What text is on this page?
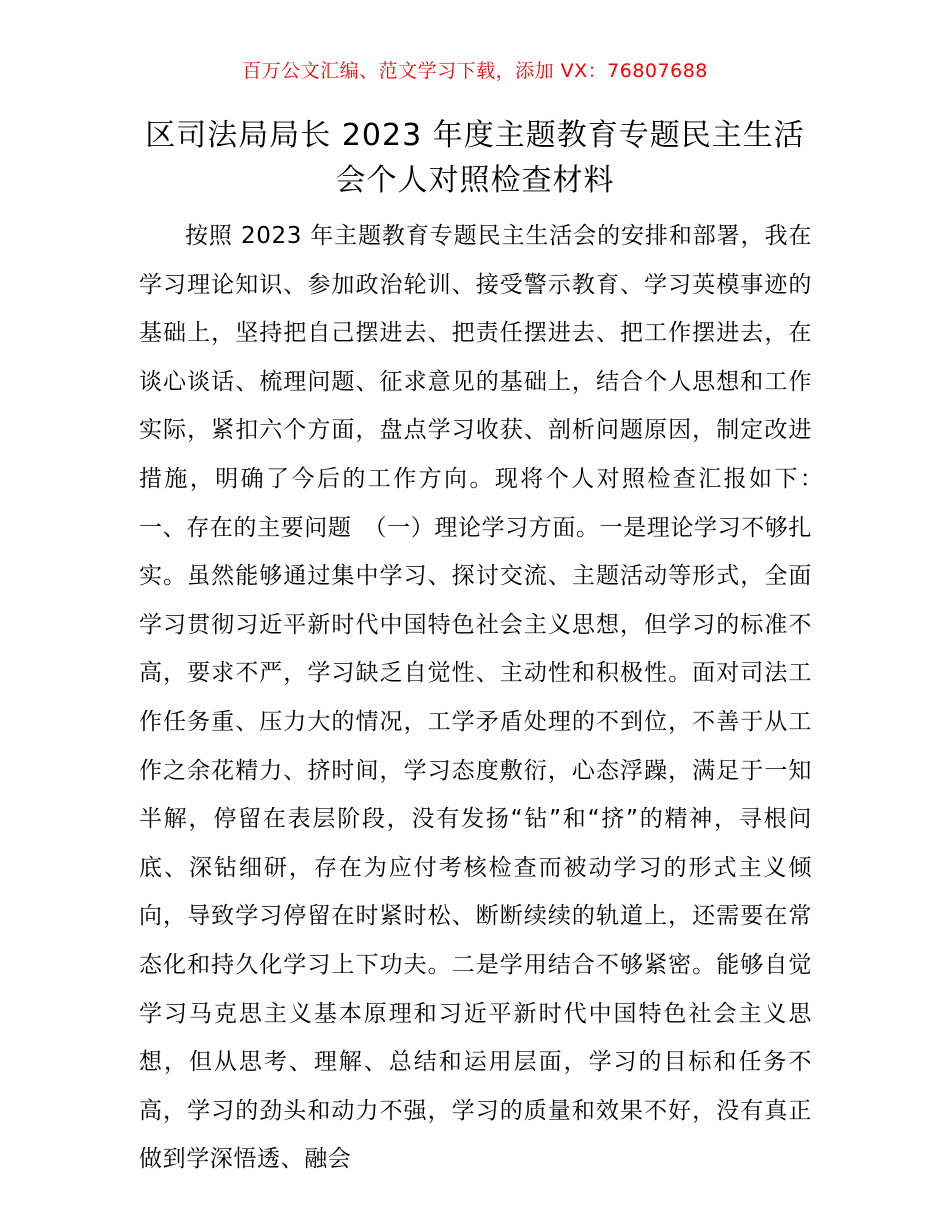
百万公文汇编、范文学习下载，添加 VX：76807688
区司法局局长 2023 年度主题教育专题民主生活会个人对照检查材料

按照 2023 年主题教育专题民主生活会的安排和部署，我在学习理论知识、参加政治轮训、接受警示教育、学习英模事迹的基础上，坚持把自己摆进去、把责任摆进去、把工作摆进去，在谈心谈话、梳理问题、征求意见的基础上，结合个人思想和工作实际，紧扣六个方面，盘点学习收获、剖析问题原因，制定改进措施，明确了今后的工作方向。现将个人对照检查汇报如下：　一、存在的主要问题　（一）理论学习方面。一是理论学习不够扎实。虽然能够通过集中学习、探讨交流、主题活动等形式，全面学习贯彻习近平新时代中国特色社会主义思想，但学习的标准不高，要求不严，学习缺乏自觉性、主动性和积极性。面对司法工作任务重、压力大的情况，工学矛盾处理的不到位，不善于从工作之余花精力、挤时间，学习态度敷衍，心态浮躁，满足于一知半解，停留在表层阶段，没有发扬“钻”和“挤”的精神，寻根问底、深钻细研，存在为应付考核检查而被动学习的形式主义倾向，导致学习停留在时紧时松、断断续续的轨道上，还需要在常态化和持久化学习上下功夫。二是学用结合不够紧密。能够自觉学习马克思主义基本原理和习近平新时代中国特色社会主义思想，但从思考、理解、总结和运用层面，学习的目标和任务不高，学习的劲头和动力不强，学习的质量和效果不好，没有真正做到学深悟透、融会
